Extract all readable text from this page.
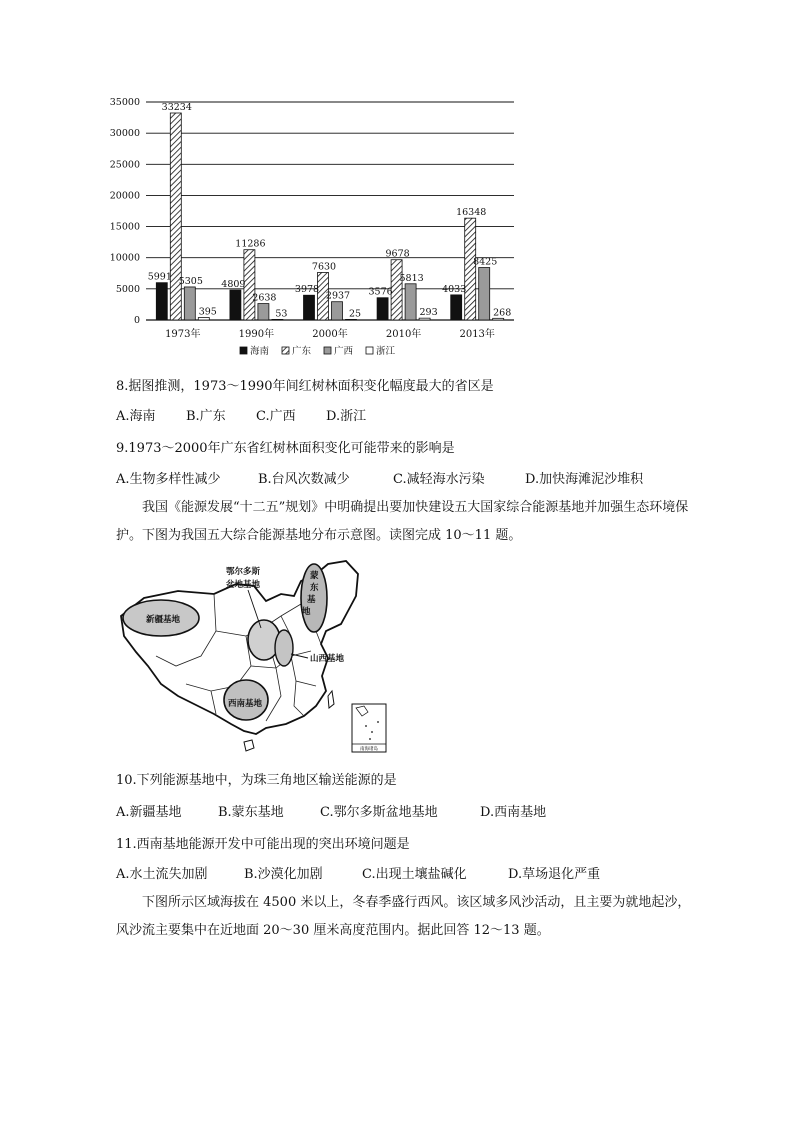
0
5000
10000
15000
20000
25000
30000
35000
5991
33234
5305
395
1973年
4809
11286
2638
53
1990年
3978
7630
2937
25
2000年
3576
9678
5813
293
2010年
4033
16348
8425
268
2013年
海南 广东 广西 浙江
8.据图推测，1973～1990年间红树林面积变化幅度最大的省区是
A.海南	B.广东	C.广西	D.浙江
9.1973～2000年广东省红树林面积变化可能带来的影响是
A.生物多样性减少	B.台风次数减少	C.减轻海水污染	D.加快海滩泥沙堆积
我国《能源发展“十二五”规划》中明确提出要加快建设五大国家综合能源基地并加强生态环境保护。下图为我国五大综合能源基地分布示意图。读图完成 10～11 题。
新疆基地
鄂尔多斯
盆地基地
蒙
东
基
地
山西基地
西南基地
南海诸岛
10.下列能源基地中，为珠三角地区输送能源的是
A.新疆基地	B.蒙东基地	C.鄂尔多斯盆地基地	D.西南基地
11.西南基地能源开发中可能出现的突出环境问题是
A.水土流失加剧	B.沙漠化加剧	C.出现土壤盐碱化	D.草场退化严重
下图所示区域海拔在 4500 米以上，冬春季盛行西风。该区域多风沙活动，且主要为就地起沙，风沙流主要集中在近地面 20～30 厘米高度范围内。据此回答 12～13 题。
